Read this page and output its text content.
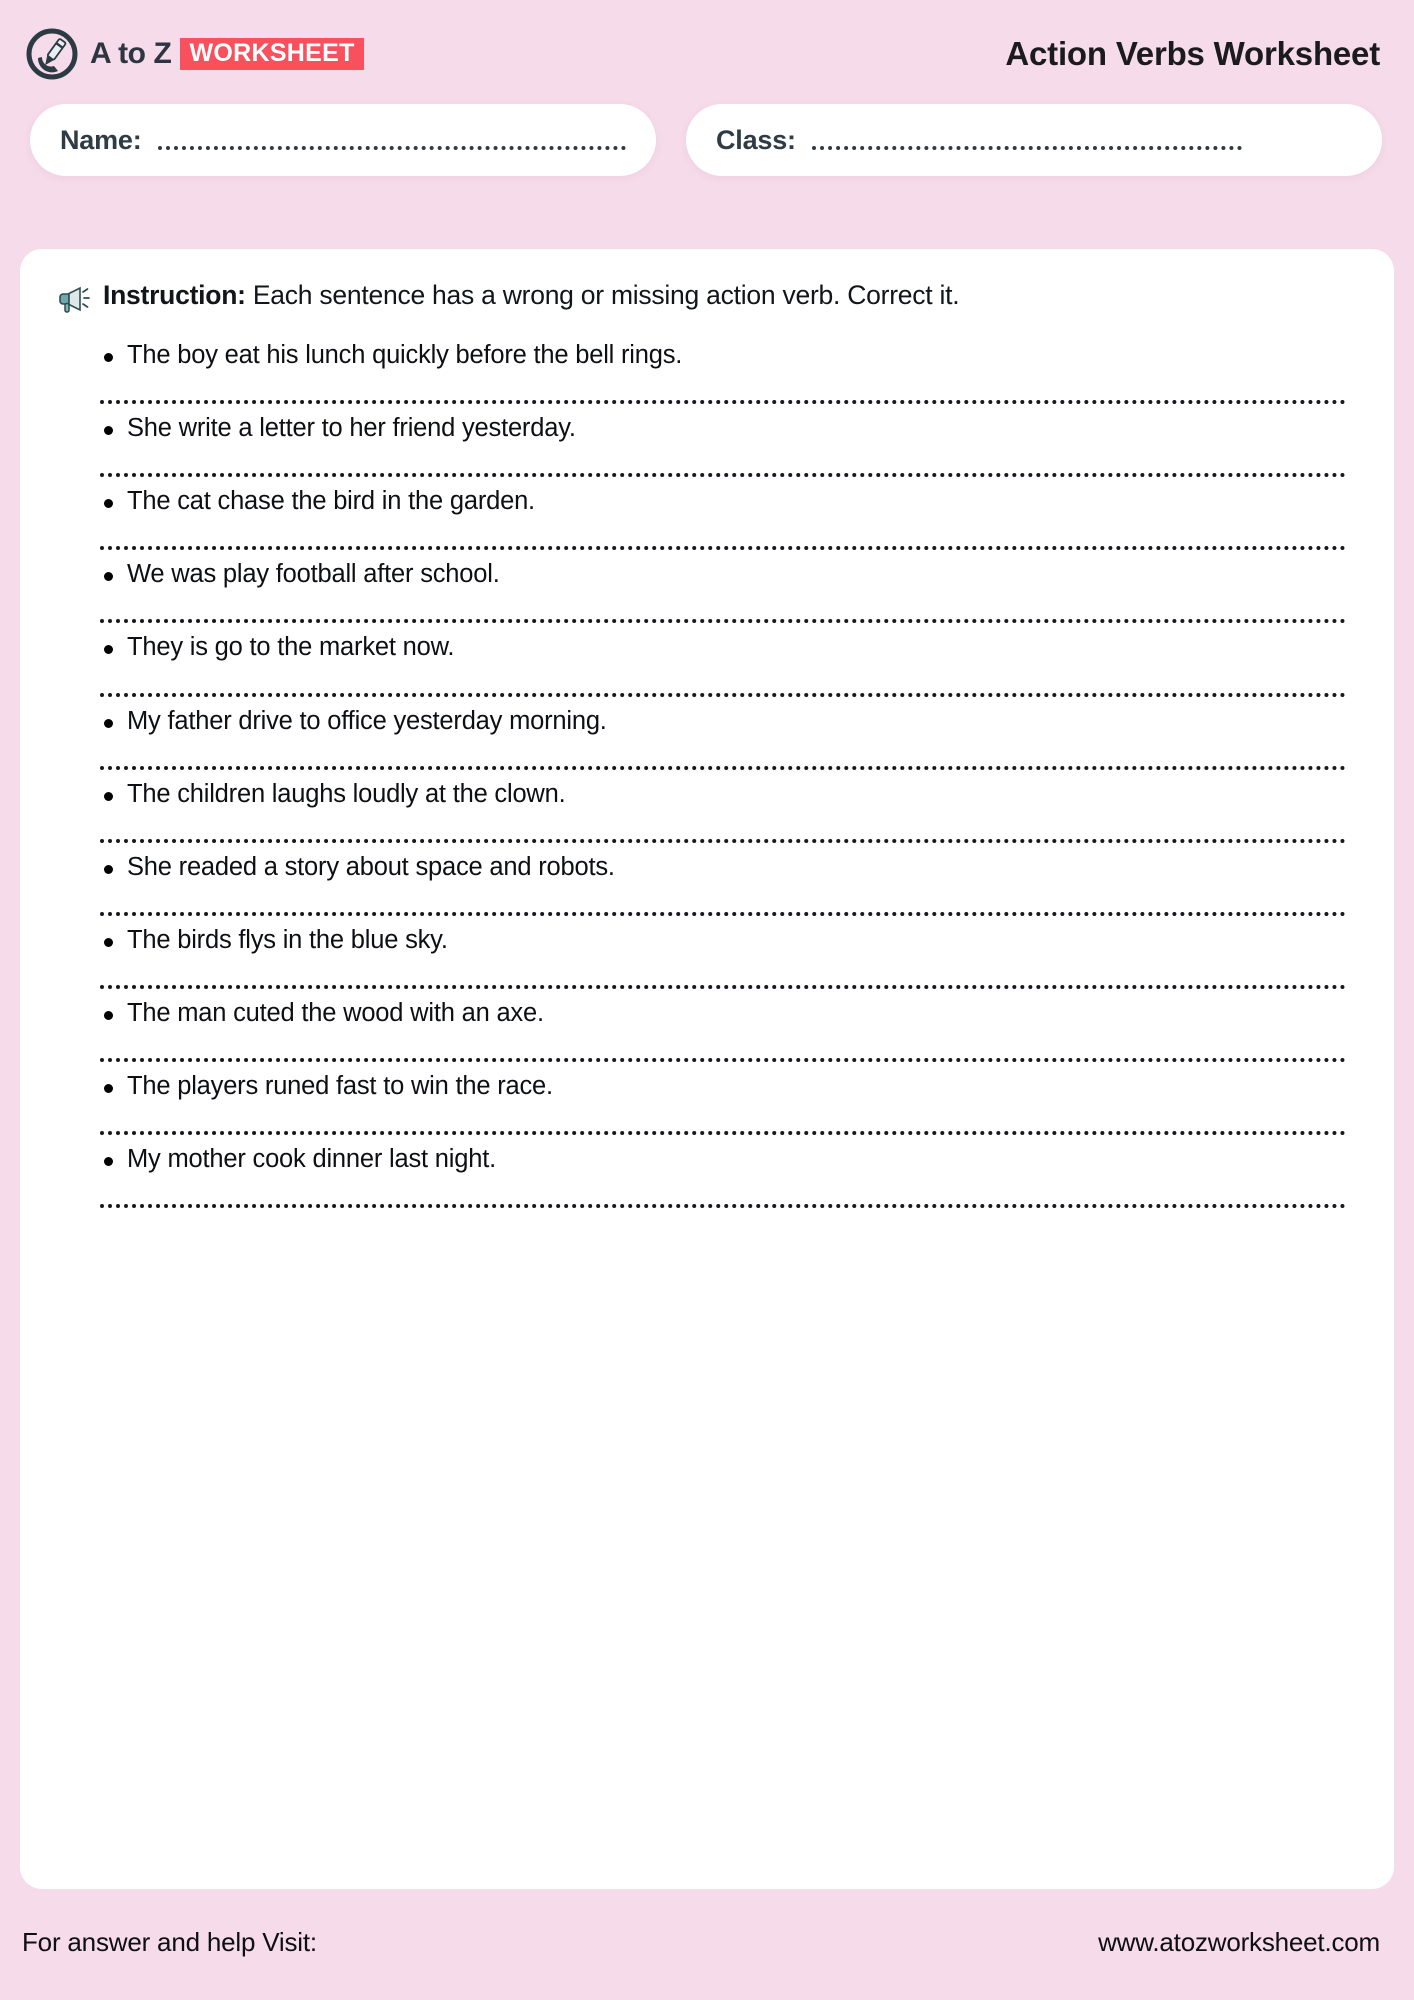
A to Z WORKSHEET	Action Verbs Worksheet
Name:	Class:
Instruction: Each sentence has a wrong or missing action verb. Correct it.
The boy eat his lunch quickly before the bell rings.
She write a letter to her friend yesterday.
The cat chase the bird in the garden.
We was play football after school.
They is go to the market now.
My father drive to office yesterday morning.
The children laughs loudly at the clown.
She readed a story about space and robots.
The birds flys in the blue sky.
The man cuted the wood with an axe.
The players runed fast to win the race.
My mother cook dinner last night.
For answer and help Visit:	www.atozworksheet.com
